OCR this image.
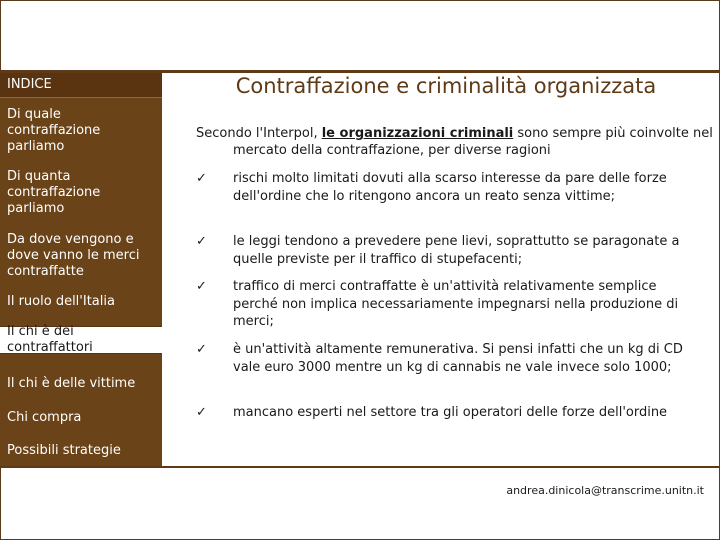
INDICE
Di quale contraffazione parliamo
Di quanta contraffazione parliamo
Da dove vengono e dove vanno le merci contraffatte
Il ruolo dell'Italia
Il chi è dei contraffattori
Il chi è delle vittime
Chi compra
Possibili strategie
Contraffazione e criminalità organizzata
Secondo l'Interpol, le organizzazioni criminali sono sempre più coinvolte nel mercato della contraffazione, per diverse ragioni
✓	rischi molto limitati dovuti alla scarso interesse da pare delle forze dell'ordine che lo ritengono ancora un reato senza vittime;
✓	le leggi tendono a prevedere pene lievi, soprattutto se paragonate a quelle previste per il traffico di stupefacenti;
✓	traffico di merci contraffatte è un'attività relativamente semplice perché non implica necessariamente impegnarsi nella produzione di merci;
✓	è un'attività altamente remunerativa. Si pensi infatti che un kg di CD vale euro 3000 mentre un kg di cannabis ne vale invece solo 1000;
✓	mancano esperti nel settore tra gli operatori delle forze dell'ordine
andrea.dinicola@transcrime.unitn.it
